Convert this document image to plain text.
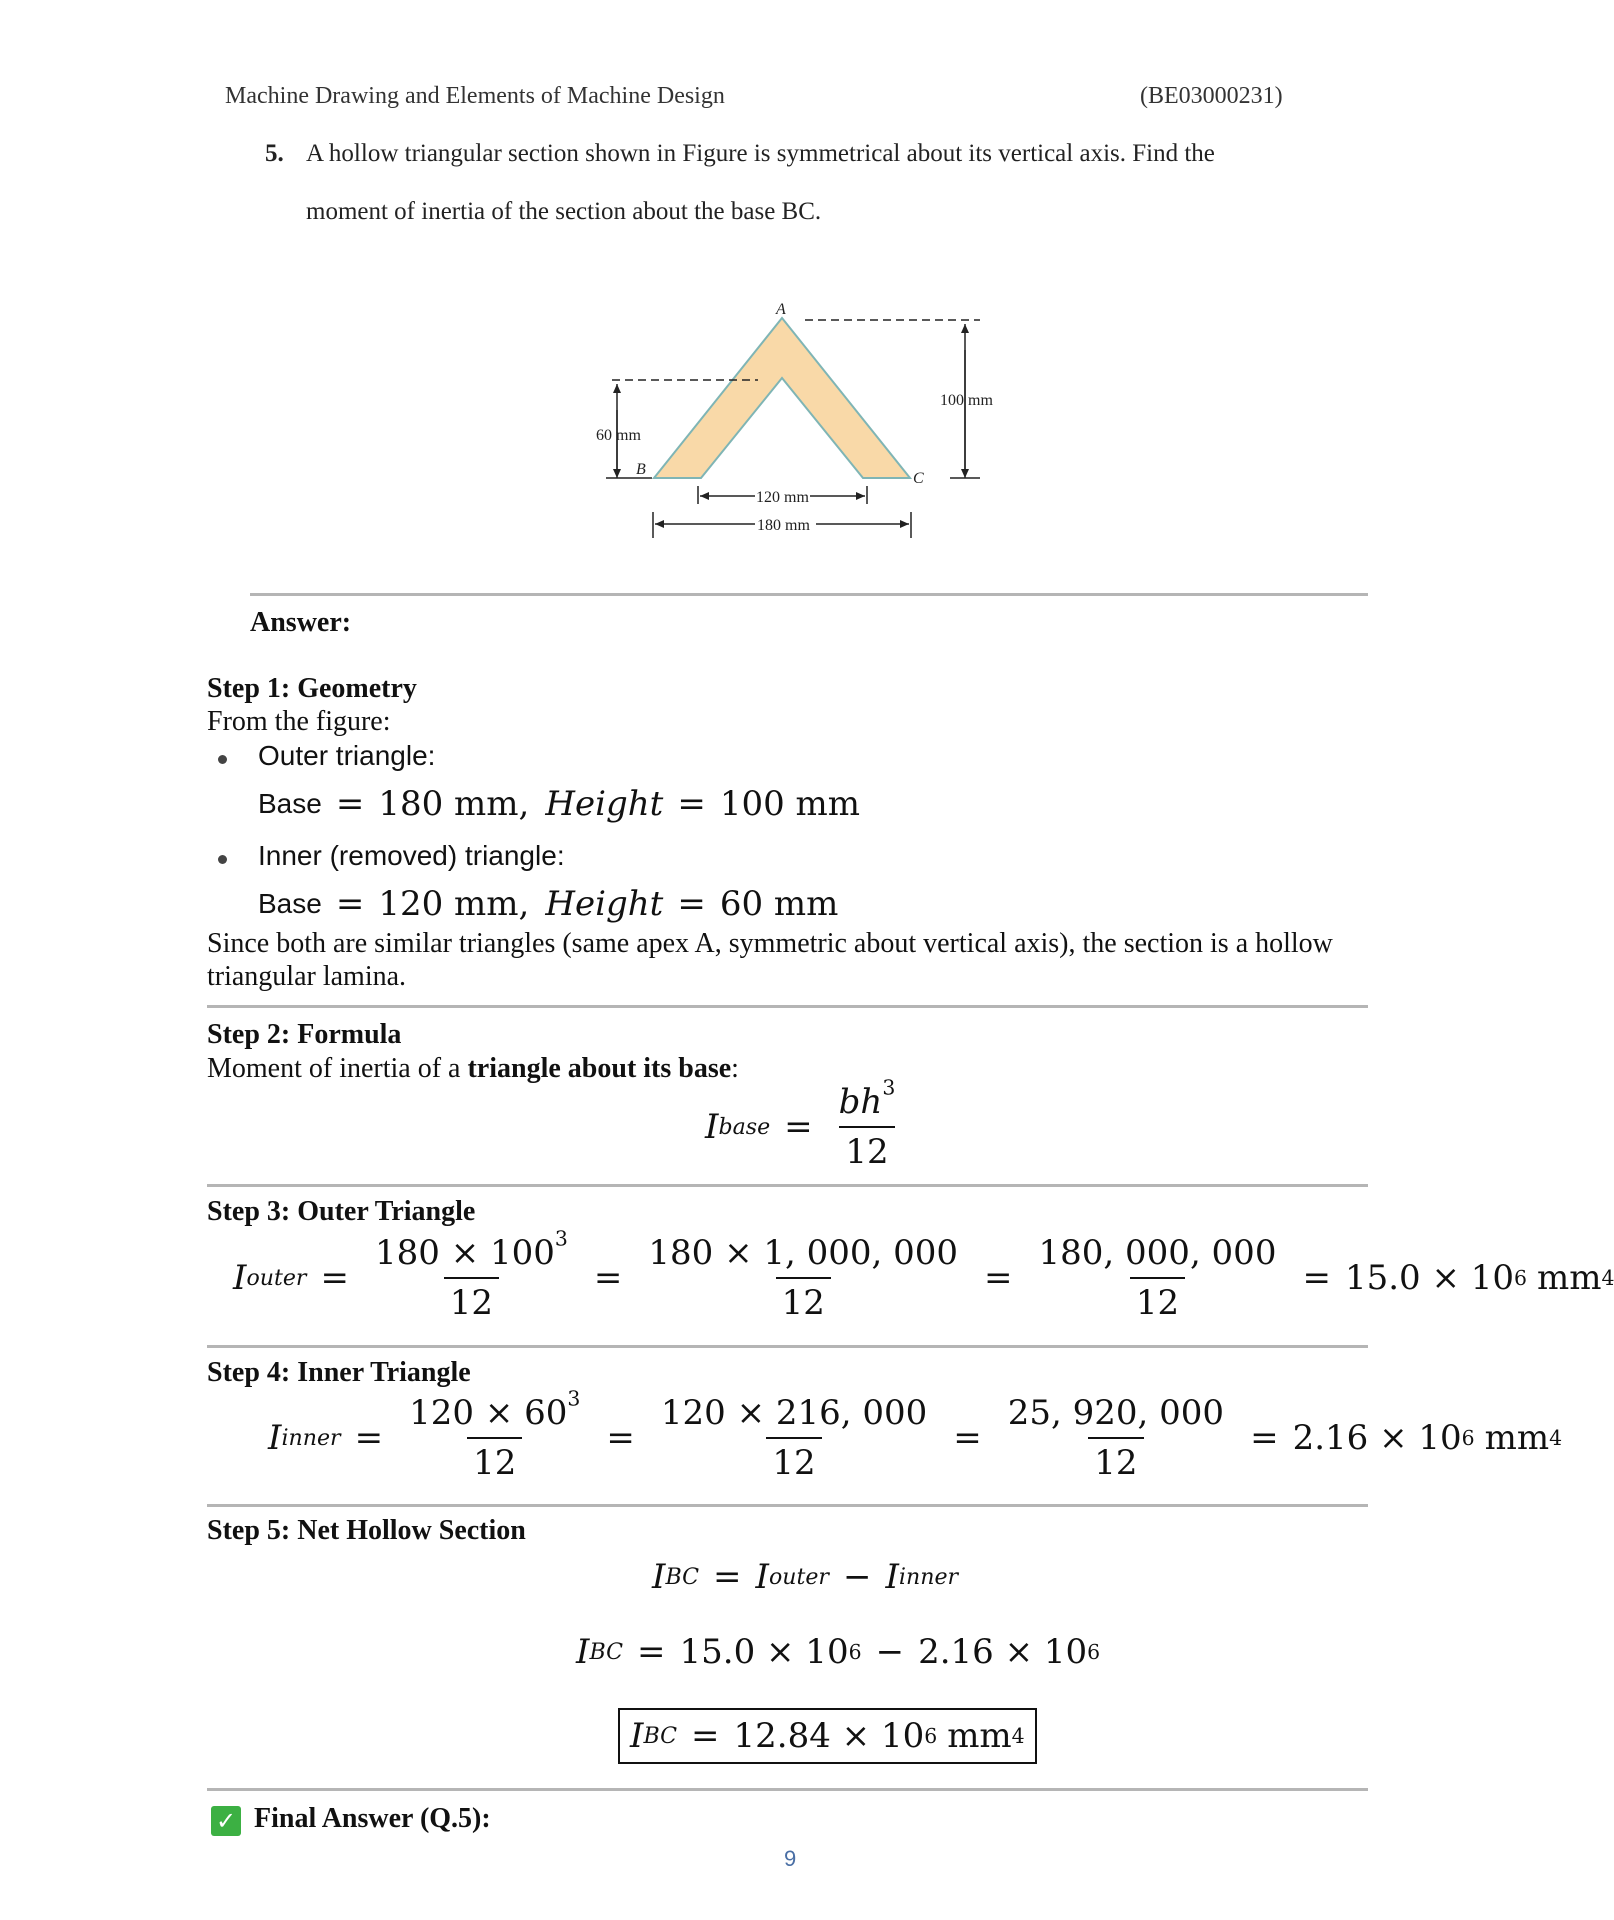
Machine Drawing and Elements of Machine Design	(BE03000231)
5. A hollow triangular section shown in Figure is symmetrical about its vertical axis. Find the
moment of inertia of the section about the base BC.
A
B
C
100 mm
60 mm
120 mm
180 mm
Answer:
Step 1: Geometry
From the figure:
Outer triangle:
Base = 180 mm, Height = 100 mm
Inner (removed) triangle:
Base = 120 mm, Height = 60 mm
Since both are similar triangles (same apex A, symmetric about vertical axis), the section is a hollow
triangular lamina.
Step 2: Formula
Moment of inertia of a triangle about its base:
I base = $\frac{bh^3}{12}$
Step 3: Outer Triangle
I outer = $\frac{180 \times 100^3}{12} = \frac{180 \times 1, 000, 000}{12} = \frac{180, 000, 000}{12} = 15.0 \times 10$ 6 mm 4
Step 4: Inner Triangle
I inner = $\frac{120 \times 60^3}{12} = \frac{120 \times 216, 000}{12} = \frac{25, 920, 000}{12} = 2.16 \times 10$ 6 mm 4
Step 5: Net Hollow Section
I BC = I outer − I inner
I BC = 15.0 × 10 6 − 2.16 × 10 6
I BC = 12.84 × 10 6 mm 4
✓ Final Answer (Q.5):
9
